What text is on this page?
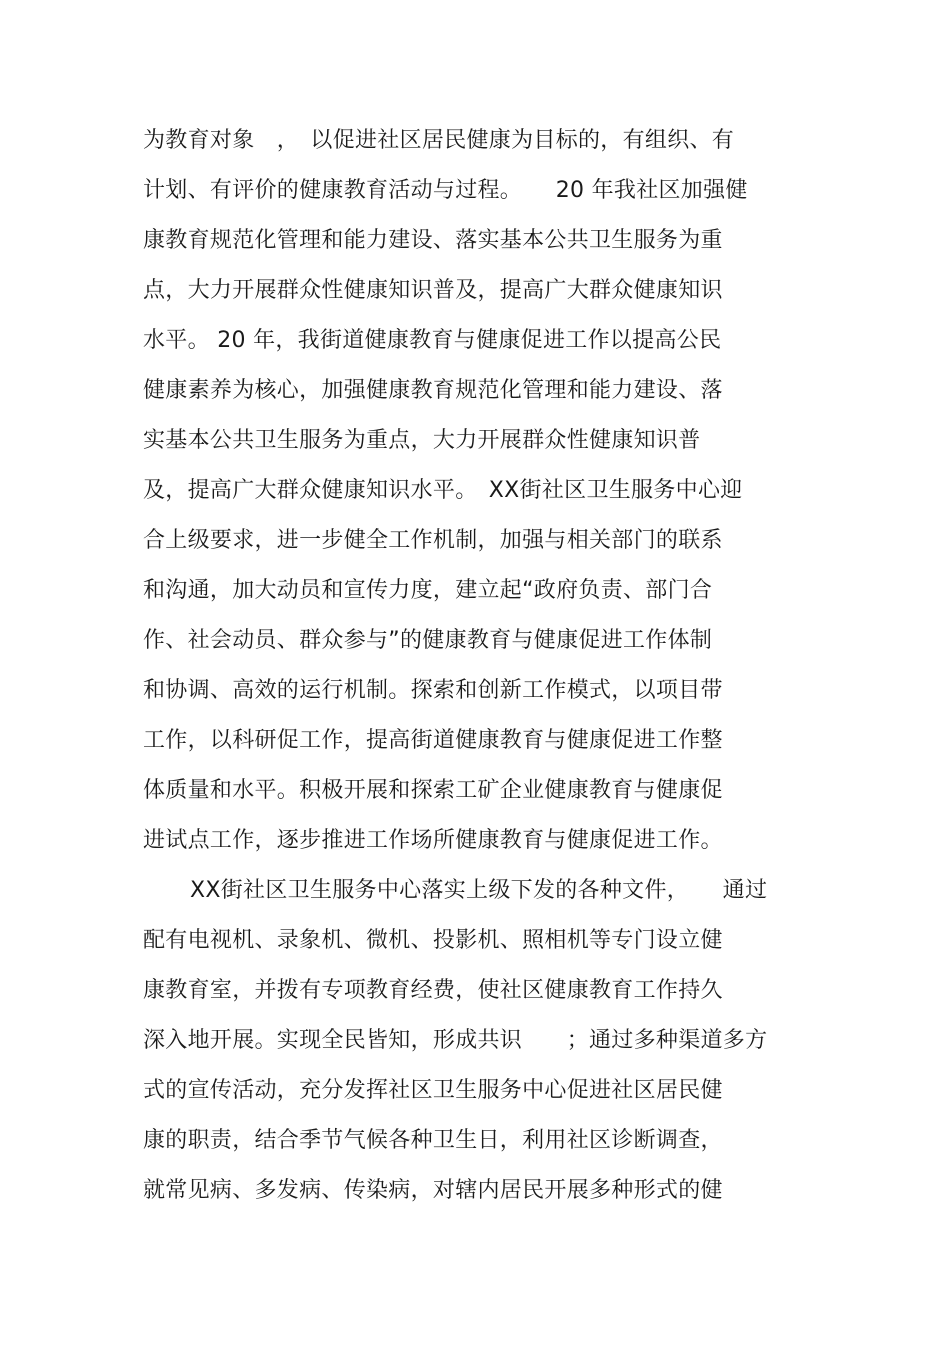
为教育对象　，　以促进社区居民健康为目标的，有组织、有
计划、有评价的健康教育活动与过程。　　20 年我社区加强健
康教育规范化管理和能力建设、落实基本公共卫生服务为重
点，大力开展群众性健康知识普及，提高广大群众健康知识
水平。 20 年，我街道健康教育与健康促进工作以提高公民
健康素养为核心，加强健康教育规范化管理和能力建设、落
实基本公共卫生服务为重点，大力开展群众性健康知识普
及，提高广大群众健康知识水平。　XX街社区卫生服务中心迎
合上级要求，进一步健全工作机制，加强与相关部门的联系
和沟通，加大动员和宣传力度，建立起“政府负责、部门合
作、社会动员、群众参与”的健康教育与健康促进工作体制
和协调、高效的运行机制。探索和创新工作模式，以项目带
工作，以科研促工作，提高街道健康教育与健康促进工作整
体质量和水平。积极开展和探索工矿企业健康教育与健康促
进试点工作，逐步推进工作场所健康教育与健康促进工作。
XX街社区卫生服务中心落实上级下发的各种文件，　　通过
配有电视机、录象机、微机、投影机、照相机等专门设立健
康教育室，并拨有专项教育经费，使社区健康教育工作持久
深入地开展。实现全民皆知，形成共识　　；通过多种渠道多方
式的宣传活动，充分发挥社区卫生服务中心促进社区居民健
康的职责，结合季节气候各种卫生日，利用社区诊断调查，
就常见病、多发病、传染病，对辖内居民开展多种形式的健
